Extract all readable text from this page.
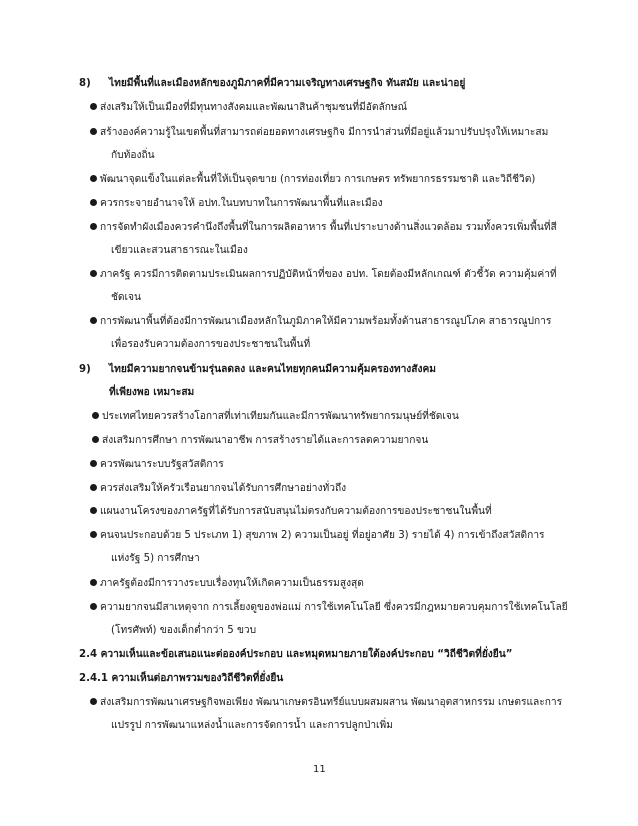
8) ไทยมีพื้นที่และเมืองหลักของภูมิภาคที่มีความเจริญทางเศรษฐกิจ ทันสมัย และน่าอยู่
ส่งเสริมให้เป็นเมืองที่มีทุนทางสังคมและพัฒนาสินค้าชุมชนที่มีอัตลักษณ์
สร้างองค์ความรู้ในเขตพื้นที่สามารถต่อยอดทางเศรษฐกิจ มีการนำส่วนที่มีอยู่แล้วมาปรับปรุงให้เหมาะสม
กับท้องถิ่น
พัฒนาจุดแข็งในแต่ละพื้นที่ให้เป็นจุดขาย (การท่องเที่ยว การเกษตร ทรัพยากรธรรมชาติ และวิถีชีวิต)
ควรกระจายอำนาจให้ อปท.ในบทบาทในการพัฒนาพื้นที่และเมือง
การจัดทำผังเมืองควรคำนึงถึงพื้นที่ในการผลิตอาหาร พื้นที่เปราะบางด้านสิ่งแวดล้อม รวมทั้งควรเพิ่มพื้นที่สี
เขียวและสวนสาธารณะในเมือง
ภาครัฐ ควรมีการติดตามประเมินผลการปฏิบัติหน้าที่ของ อปท. โดยต้องมีหลักเกณฑ์ ตัวชี้วัด ความคุ้มค่าที่
ชัดเจน
การพัฒนาพื้นที่ต้องมีการพัฒนาเมืองหลักในภูมิภาคให้มีความพร้อมทั้งด้านสาธารณูปโภค สาธารณูปการ
เพื่อรองรับความต้องการของประชาชนในพื้นที่
9) ไทยมีความยากจนข้ามรุ่นลดลง และคนไทยทุกคนมีความคุ้มครองทางสังคม
ที่เพียงพอ เหมาะสม
ประเทศไทยควรสร้างโอกาสที่เท่าเทียมกันและมีการพัฒนาทรัพยากรมนุษย์ที่ชัดเจน
ส่งเสริมการศึกษา การพัฒนาอาชีพ การสร้างรายได้และการลดความยากจน
ควรพัฒนาระบบรัฐสวัสดิการ
ควรส่งเสริมให้ครัวเรือนยากจนได้รับการศึกษาอย่างทั่วถึง
แผนงานโครงของภาครัฐที่ได้รับการสนับสนุนไม่ตรงกับความต้องการของประชาชนในพื้นที่
คนจนประกอบด้วย 5 ประเภท 1) สุขภาพ 2) ความเป็นอยู่ ที่อยู่อาศัย 3) รายได้ 4) การเข้าถึงสวัสดิการ
แห่งรัฐ 5) การศึกษา
ภาครัฐต้องมีการวางระบบเรื่องทุนให้เกิดความเป็นธรรมสูงสุด
ความยากจนมีสาเหตุจาก การเลี้ยงดูของพ่อแม่ การใช้เทคโนโลยี ซึ่งควรมีกฎหมายควบคุมการใช้เทคโนโลยี
(โทรศัพท์) ของเด็กต่ำกว่า 5 ขวบ
2.4 ความเห็นและข้อเสนอแนะต่อองค์ประกอบ และหมุดหมายภายใต้องค์ประกอบ “วิถีชีวิตที่ยั่งยืน”
2.4.1 ความเห็นต่อภาพรวมของวิถีชีวิตที่ยั่งยืน
ส่งเสริมการพัฒนาเศรษฐกิจพอเพียง พัฒนาเกษตรอินทรีย์แบบผสมผสาน พัฒนาอุตสาหกรรม เกษตรและการ
แปรรูป การพัฒนาแหล่งน้ำและการจัดการน้ำ และการปลูกป่าเพิ่ม
11
